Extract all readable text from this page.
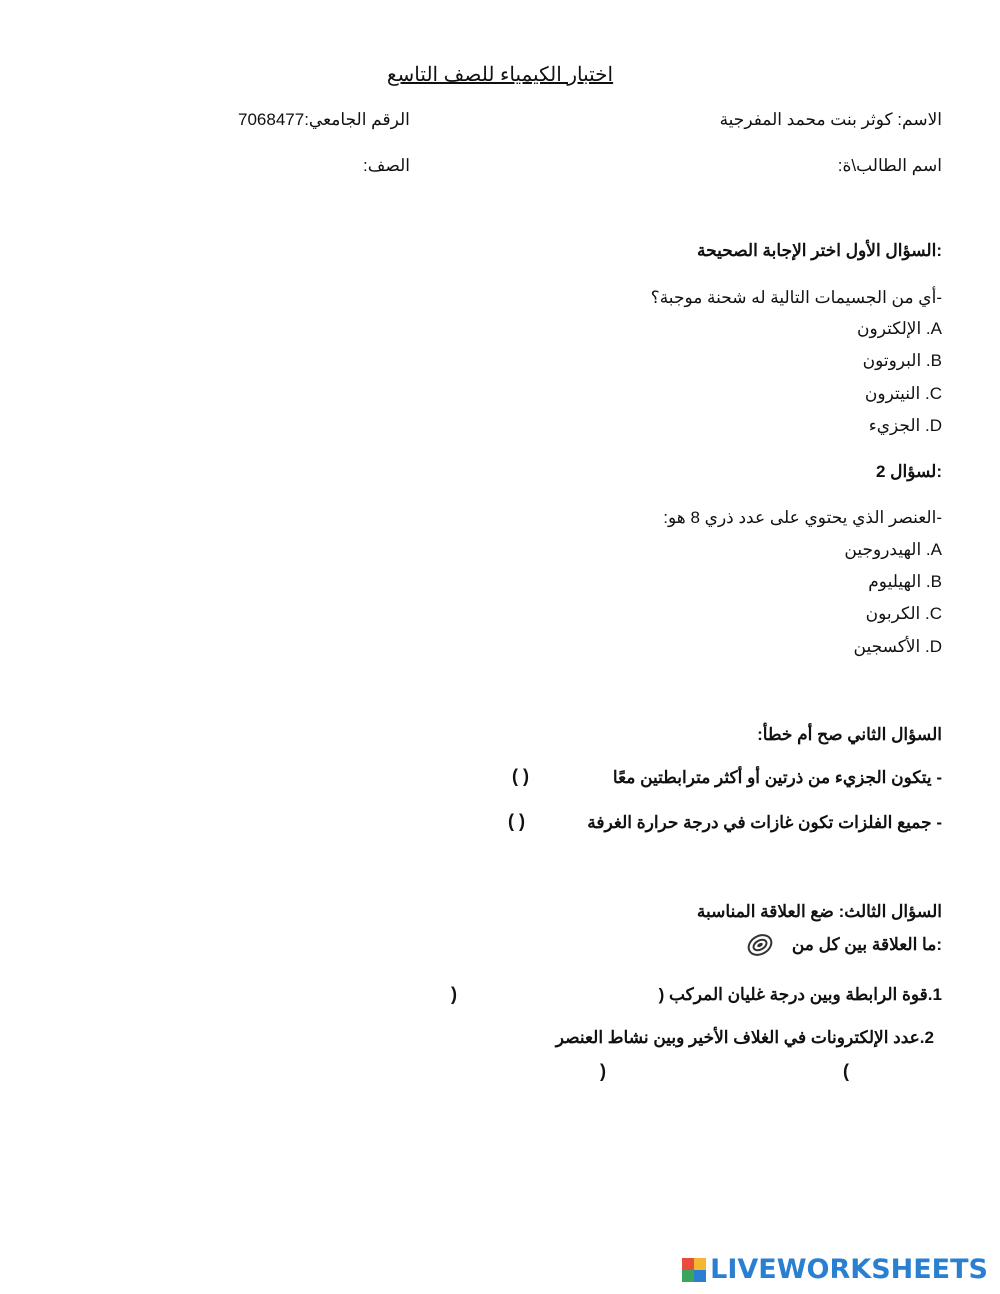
اختبار الكيمياء للصف التاسع
الاسم: كوثر بنت محمد المفرجية
الرقم الجامعي:7068477
اسم الطالب\ة:
الصف:
:السؤال الأول اختر الإجابة الصحيحة
-أي من الجسيمات التالية له شحنة موجبة؟
الإلكترون .A
البروتون .B
النيترون .C
الجزيء .D
:لسؤال 2
-العنصر الذي يحتوي على عدد ذري 8 هو:
الهيدروجين .A
الهيليوم .B
الكربون .C
الأكسجين .D
السؤال الثاني صح أم خطأ:
- يتكون الجزيء من ذرتين أو أكثر مترابطتين معًا
( )
- جميع الفلزات تكون غازات في درجة حرارة الغرفة
( )
السؤال الثالث: ضع العلاقة المناسبة
:ما العلاقة بين كل من
1.قوة الرابطة وبين درجة غليان المركب (
)
2.عدد الإلكترونات في الغلاف الأخير وبين نشاط العنصر
(
)
LIVEWORKSHEETS
